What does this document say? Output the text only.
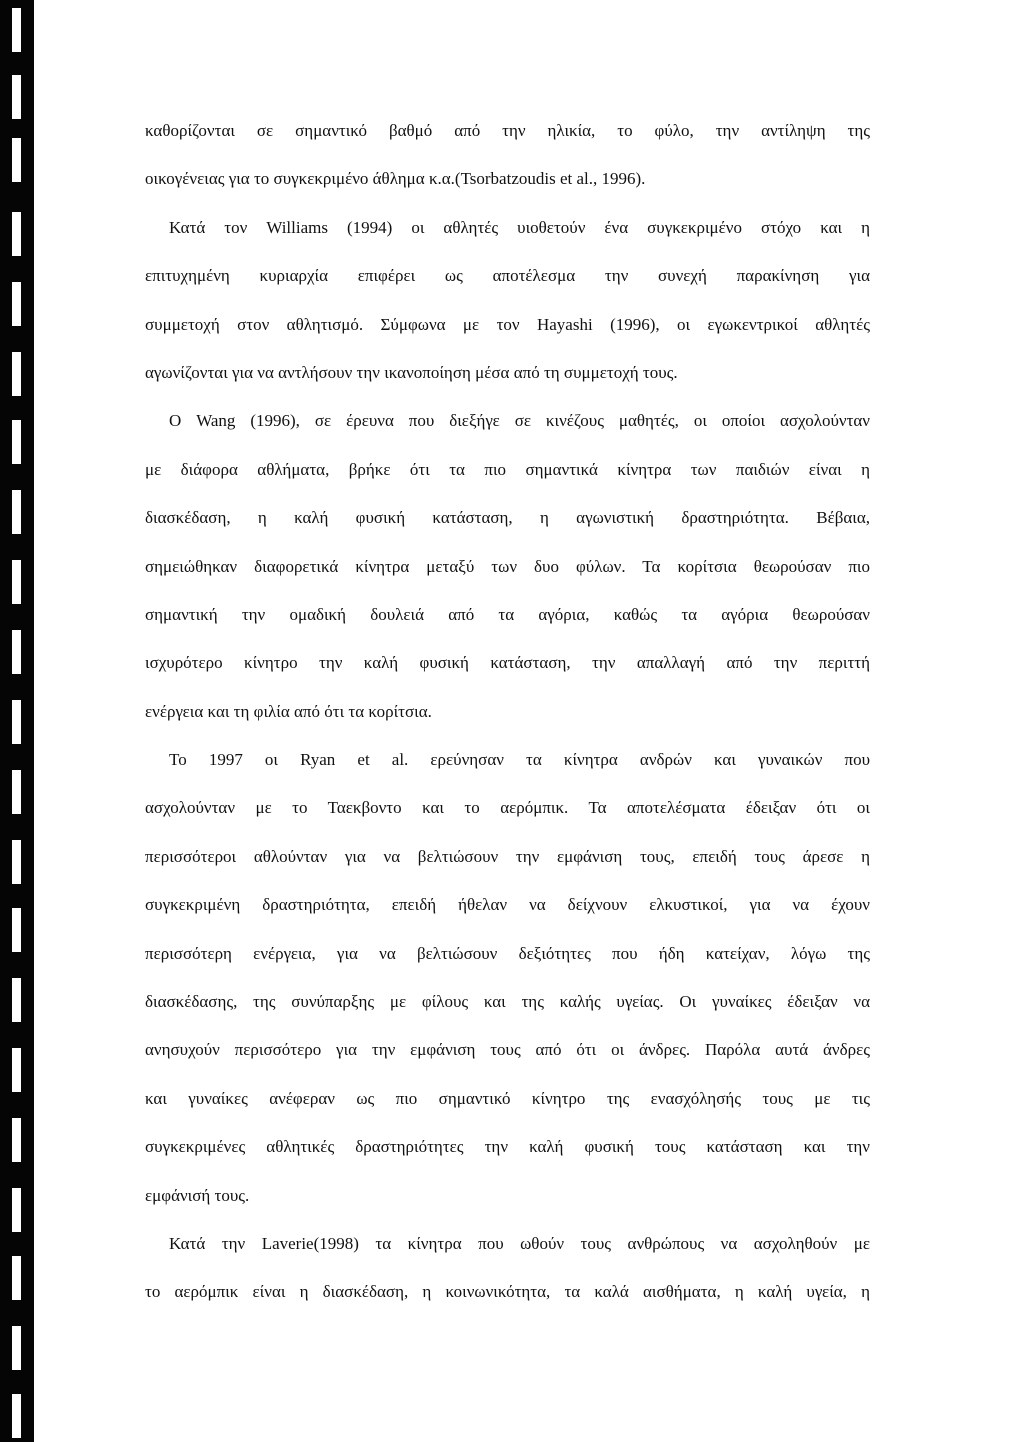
καθορίζονται σε σημαντικό βαθμό από την ηλικία, το φύλο, την αντίληψη της
οικογένειας για το συγκεκριμένο άθλημα κ.α.(Tsorbatzoudis et al., 1996).
Κατά τον Williams (1994) οι αθλητές υιοθετούν ένα συγκεκριμένο στόχο και η
επιτυχημένη κυριαρχία επιφέρει ως αποτέλεσμα την συνεχή παρακίνηση για
συμμετοχή στον αθλητισμό. Σύμφωνα με τον Hayashi (1996), οι εγωκεντρικοί αθλητές
αγωνίζονται για να αντλήσουν την ικανοποίηση μέσα από τη συμμετοχή τους.
Ο Wang (1996), σε έρευνα που διεξήγε σε κινέζους μαθητές, οι οποίοι ασχολούνταν
με διάφορα αθλήματα, βρήκε ότι τα πιο σημαντικά κίνητρα των παιδιών είναι η
διασκέδαση, η καλή φυσική κατάσταση, η αγωνιστική δραστηριότητα. Βέβαια,
σημειώθηκαν διαφορετικά κίνητρα μεταξύ των δυο φύλων. Τα κορίτσια θεωρούσαν πιο
σημαντική την ομαδική δουλειά από τα αγόρια, καθώς τα αγόρια θεωρούσαν
ισχυρότερο κίνητρο την καλή φυσική κατάσταση, την απαλλαγή από την περιττή
ενέργεια και τη φιλία από ότι τα κορίτσια.
Το 1997 οι Ryan et al. ερεύνησαν τα κίνητρα ανδρών και γυναικών που
ασχολούνταν με το Ταεκβοντο και το αερόμπικ. Τα αποτελέσματα έδειξαν ότι οι
περισσότεροι αθλούνταν για να βελτιώσουν την εμφάνιση τους, επειδή τους άρεσε η
συγκεκριμένη δραστηριότητα, επειδή ήθελαν να δείχνουν ελκυστικοί, για να έχουν
περισσότερη ενέργεια, για να βελτιώσουν δεξιότητες που ήδη κατείχαν, λόγω της
διασκέδασης, της συνύπαρξης με φίλους και της καλής υγείας. Οι γυναίκες έδειξαν να
ανησυχούν περισσότερο για την εμφάνιση τους από ότι οι άνδρες. Παρόλα αυτά άνδρες
και γυναίκες ανέφεραν ως πιο σημαντικό κίνητρο της ενασχόλησής τους με τις
συγκεκριμένες αθλητικές δραστηριότητες την καλή φυσική τους κατάσταση και την
εμφάνισή τους.
Κατά την Laverie(1998) τα κίνητρα που ωθούν τους ανθρώπους να ασχοληθούν με
το αερόμπικ είναι η διασκέδαση, η κοινωνικότητα, τα καλά αισθήματα, η καλή υγεία, η
